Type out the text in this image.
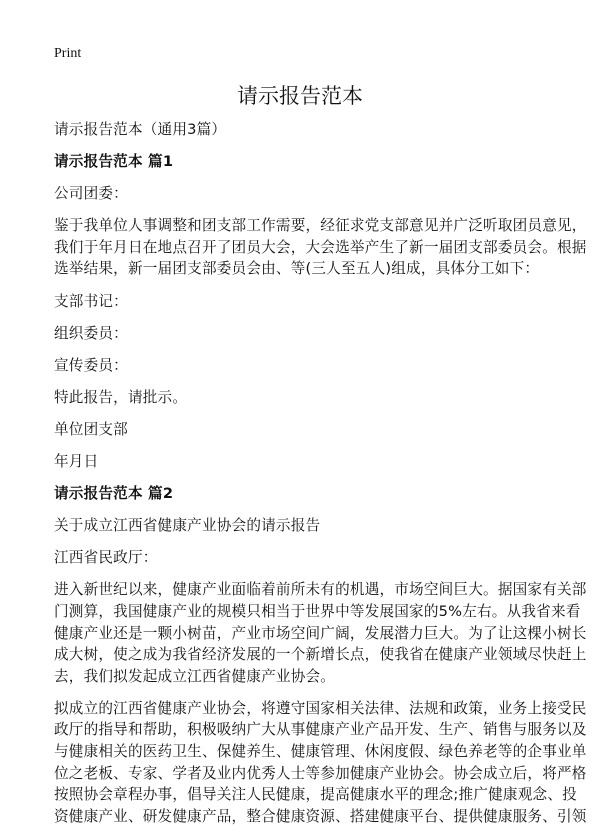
Print
请示报告范本

请示报告范本（通用3篇）

请示报告范本 篇1

公司团委：

鉴于我单位人事调整和团支部工作需要，经征求党支部意见并广泛听取团员意见，
我们于年月日在地点召开了团员大会，大会选举产生了新一届团支部委员会。根据
选举结果，新一届团支部委员会由、等(三人至五人)组成，具体分工如下：

支部书记：

组织委员：

宣传委员：

特此报告，请批示。

单位团支部

年月日

请示报告范本 篇2

关于成立江西省健康产业协会的请示报告

江西省民政厅：

进入新世纪以来，健康产业面临着前所未有的机遇，市场空间巨大。据国家有关部
门测算，我国健康产业的规模只相当于世界中等发展国家的5%左右。从我省来看
健康产业还是一颗小树苗，产业市场空间广阔，发展潜力巨大。为了让这棵小树长
成大树，使之成为我省经济发展的一个新增长点，使我省在健康产业领域尽快赶上
去，我们拟发起成立江西省健康产业协会。

拟成立的江西省健康产业协会，将遵守国家相关法律、法规和政策，业务上接受民
政厅的指导和帮助，积极吸纳广大从事健康产业产品开发、生产、销售与服务以及
与健康相关的医药卫生、保健养生、健康管理、休闲度假、绿色养老等的企事业单
位之老板、专家、学者及业内优秀人士等参加健康产业协会。协会成立后，将严格
按照协会章程办事，倡导关注人民健康，提高健康水平的理念;推广健康观念、投
资健康产业、研发健康产品，整合健康资源、搭建健康平台、提供健康服务、引领
